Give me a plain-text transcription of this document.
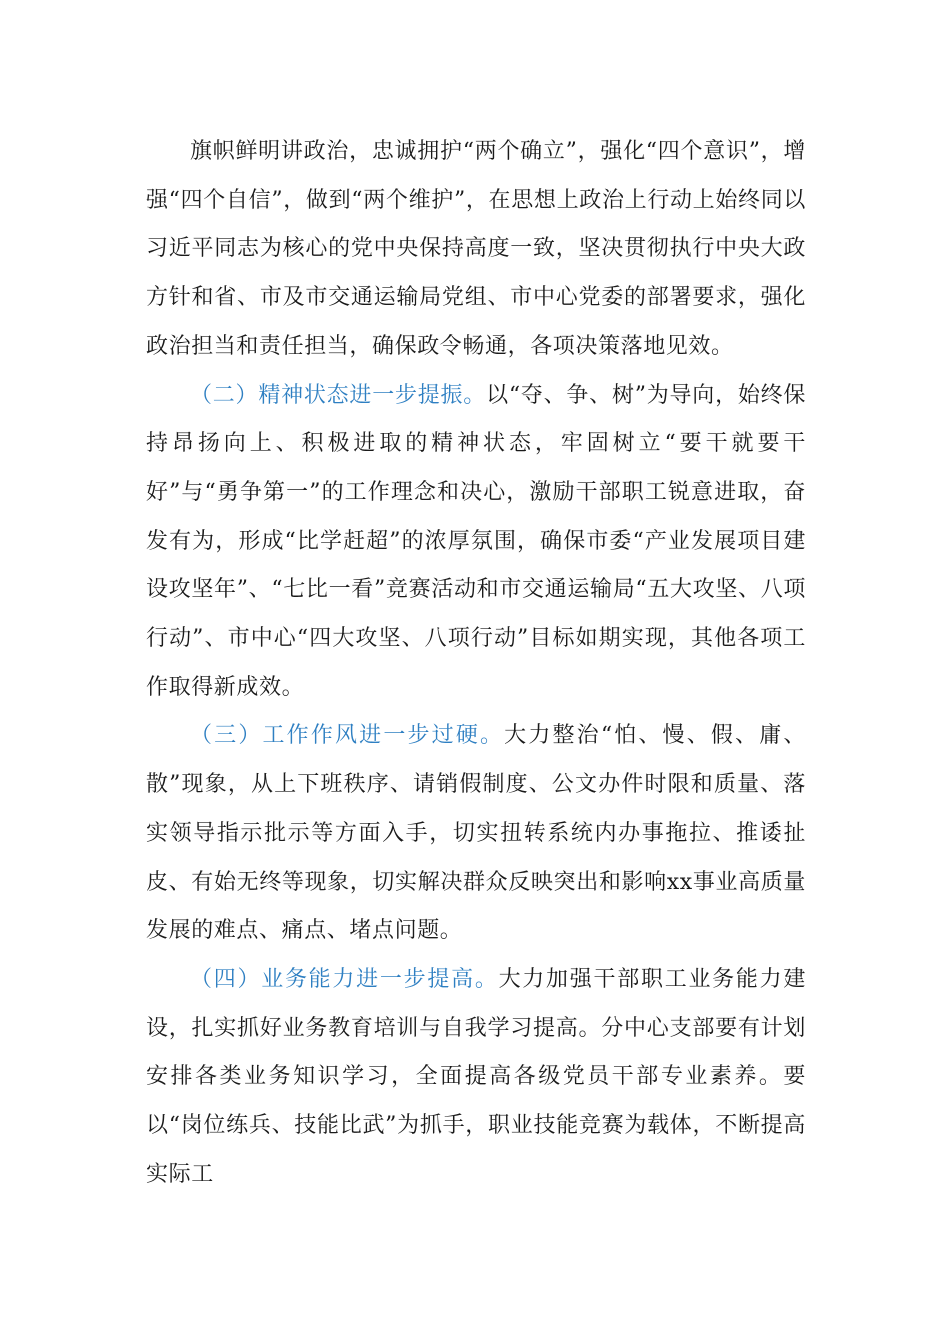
旗帜鲜明讲政治，忠诚拥护“两个确立”，强化“四个意识”，增强“四个自信”，做到“两个维护”，在思想上政治上行动上始终同以习近平同志为核心的党中央保持高度一致，坚决贯彻执行中央大政方针和省、市及市交通运输局党组、市中心党委的部署要求，强化政治担当和责任担当，确保政令畅通，各项决策落地见效。

（二）精神状态进一步提振。以“夺、争、树”为导向，始终保持昂扬向上、积极进取的精神状态，牢固树立“要干就要干好”与“勇争第一”的工作理念和决心，激励干部职工锐意进取，奋发有为，形成“比学赶超”的浓厚氛围，确保市委“产业发展项目建设攻坚年”、“七比一看”竞赛活动和市交通运输局“五大攻坚、八项行动”、市中心“四大攻坚、八项行动”目标如期实现，其他各项工作取得新成效。

（三）工作作风进一步过硬。大力整治“怕、慢、假、庸、散”现象，从上下班秩序、请销假制度、公文办件时限和质量、落实领导指示批示等方面入手，切实扭转系统内办事拖拉、推诿扯皮、有始无终等现象，切实解决群众反映突出和影响xx事业高质量发展的难点、痛点、堵点问题。

（四）业务能力进一步提高。大力加强干部职工业务能力建设，扎实抓好业务教育培训与自我学习提高。分中心支部要有计划安排各类业务知识学习，全面提高各级党员干部专业素养。要以“岗位练兵、技能比武”为抓手，职业技能竞赛为载体，不断提高实际工
